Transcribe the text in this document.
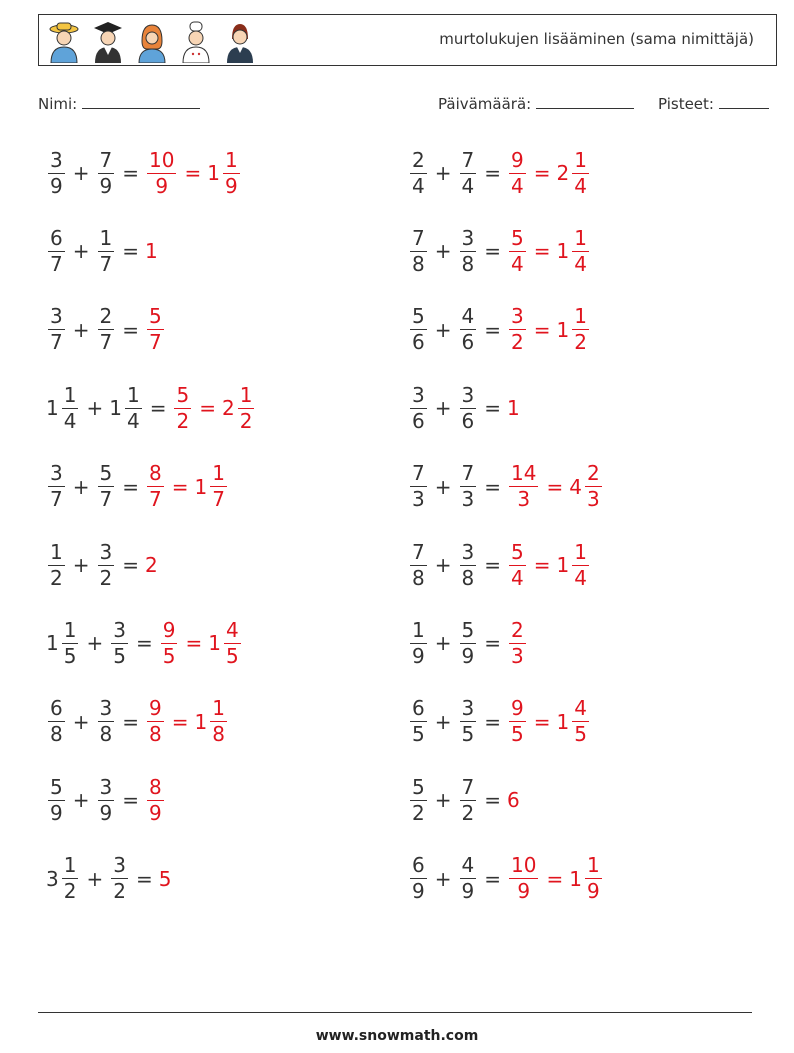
murtolukujen lisääminen (sama nimittäjä)
Nimi:	Päivämäärä:	Pisteet:
$\frac{3}{9} + \frac{7}{9} = \frac{10}{9} = 1 \frac{1}{9}$	$\frac{2}{4} + \frac{7}{4} = \frac{9}{4} = 2 \frac{1}{4}$
$\frac{6}{7} + \frac{1}{7} = 1$	$\frac{7}{8} + \frac{3}{8} = \frac{5}{4} = 1 \frac{1}{4}$
$\frac{3}{7} + \frac{2}{7} = \frac{5}{7}$	$\frac{5}{6} + \frac{4}{6} = \frac{3}{2} = 1 \frac{1}{2}$
$1 \frac{1}{4} + 1 \frac{1}{4} = \frac{5}{2} = 2 \frac{1}{2}$	$\frac{3}{6} + \frac{3}{6} = 1$
$\frac{3}{7} + \frac{5}{7} = \frac{8}{7} = 1 \frac{1}{7}$	$\frac{7}{3} + \frac{7}{3} = \frac{14}{3} = 4 \frac{2}{3}$
$\frac{1}{2} + \frac{3}{2} = 2$	$\frac{7}{8} + \frac{3}{8} = \frac{5}{4} = 1 \frac{1}{4}$
$1 \frac{1}{5} + \frac{3}{5} = \frac{9}{5} = 1 \frac{4}{5}$	$\frac{1}{9} + \frac{5}{9} = \frac{2}{3}$
$\frac{6}{8} + \frac{3}{8} = \frac{9}{8} = 1 \frac{1}{8}$	$\frac{6}{5} + \frac{3}{5} = \frac{9}{5} = 1 \frac{4}{5}$
$\frac{5}{9} + \frac{3}{9} = \frac{8}{9}$	$\frac{5}{2} + \frac{7}{2} = 6$
$3 \frac{1}{2} + \frac{3}{2} = 5$	$\frac{6}{9} + \frac{4}{9} = \frac{10}{9} = 1 \frac{1}{9}$
www.snowmath.com
